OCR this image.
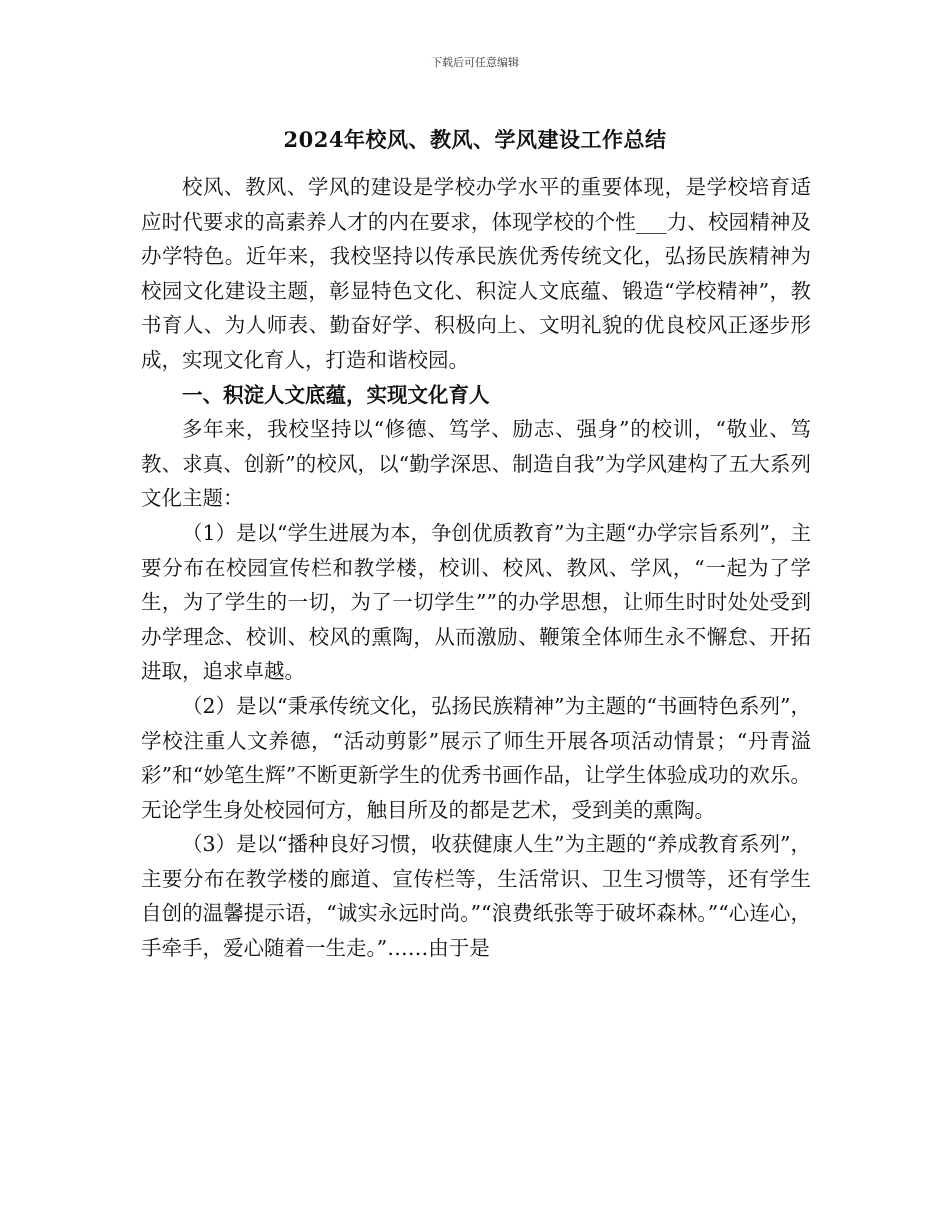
下载后可任意编辑
2024年校风、教风、学风建设工作总结

校风、教风、学风的建设是学校办学水平的重要体现，是学校培育适应时代要求的高素养人才的内在要求，体现学校的个性___力、校园精神及办学特色。近年来，我校坚持以传承民族优秀传统文化，弘扬民族精神为校园文化建设主题，彰显特色文化、积淀人文底蕴、锻造“学校精神”，教书育人、为人师表、勤奋好学、积极向上、文明礼貌的优良校风正逐步形成，实现文化育人，打造和谐校园。

一、积淀人文底蕴，实现文化育人

多年来，我校坚持以“修德、笃学、励志、强身”的校训，“敬业、笃教、求真、创新”的校风，以“勤学深思、制造自我”为学风建构了五大系列文化主题：

（1）是以“学生进展为本，争创优质教育”为主题“办学宗旨系列”，主要分布在校园宣传栏和教学楼，校训、校风、教风、学风，“一起为了学生，为了学生的一切，为了一切学生””的办学思想，让师生时时处处受到办学理念、校训、校风的熏陶，从而激励、鞭策全体师生永不懈怠、开拓进取，追求卓越。

（2）是以“秉承传统文化，弘扬民族精神”为主题的“书画特色系列”，学校注重人文养德，“活动剪影”展示了师生开展各项活动情景；“丹青溢彩”和“妙笔生辉”不断更新学生的优秀书画作品，让学生体验成功的欢乐。无论学生身处校园何方，触目所及的都是艺术，受到美的熏陶。

（3）是以“播种良好习惯，收获健康人生”为主题的“养成教育系列”，主要分布在教学楼的廊道、宣传栏等，生活常识、卫生习惯等，还有学生自创的温馨提示语，“诚实永远时尚。”“浪费纸张等于破坏森林。”“心连心，手牵手，爱心随着一生走。”……由于是
